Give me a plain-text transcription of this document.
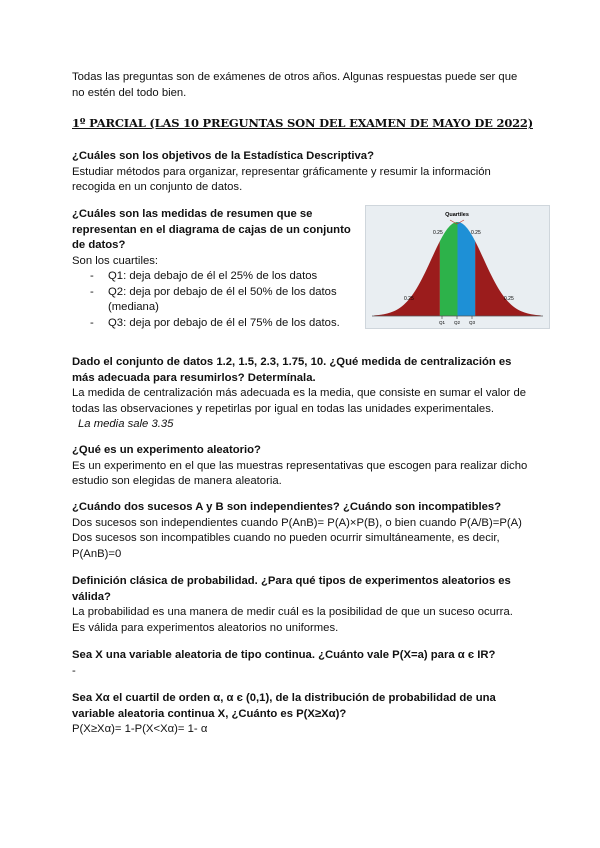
Todas las preguntas son de exámenes de otros años. Algunas respuestas puede ser que no estén del todo bien.
1º PARCIAL (LAS 10 PREGUNTAS SON DEL EXAMEN DE MAYO DE 2022)
¿Cuáles son los objetivos de la Estadística Descriptiva?
Estudiar métodos para organizar, representar gráficamente y resumir la información recogida en un conjunto de datos.
¿Cuáles son las medidas de resumen que se representan en el diagrama de cajas de un conjunto de datos?
Son los cuartiles:
- Q1: deja debajo de él el 25% de los datos
- Q2: deja por debajo de él el 50% de los datos (mediana)
- Q3: deja por debajo de él el 75% de los datos.
Quartiles
0.25
0.25	0.25
0.25
Q1 Q2 Q3
Dado el conjunto de datos 1.2, 1.5, 2.3, 1.75, 10. ¿Qué medida de centralización es más adecuada para resumirlos? Determínala.
La medida de centralización más adecuada es la media, que consiste en sumar el valor de todas las observaciones y repetirlas por igual en todas las unidades experimentales.
La media sale 3.35
¿Qué es un experimento aleatorio?
Es un experimento en el que las muestras representativas que escogen para realizar dicho estudio son elegidas de manera aleatoria.
¿Cuándo dos sucesos A y B son independientes? ¿Cuándo son incompatibles?
Dos sucesos son independientes cuando P(AnB)= P(A)×P(B), o bien cuando P(A/B)=P(A)
Dos sucesos son incompatibles cuando no pueden ocurrir simultáneamente, es decir, P(AnB)=0
Definición clásica de probabilidad. ¿Para qué tipos de experimentos aleatorios es válida?
La probabilidad es una manera de medir cuál es la posibilidad de que un suceso ocurra. Es válida para experimentos aleatorios no uniformes.
Sea X una variable aleatoria de tipo continua. ¿Cuánto vale P(X=a) para α є IR?
-
Sea Xα el cuartil de orden α, α є (0,1), de la distribución de probabilidad de una variable aleatoria continua X, ¿Cuánto es P(X≥Xα)?
P(X≥Xα)= 1-P(X<Xα)= 1- α
